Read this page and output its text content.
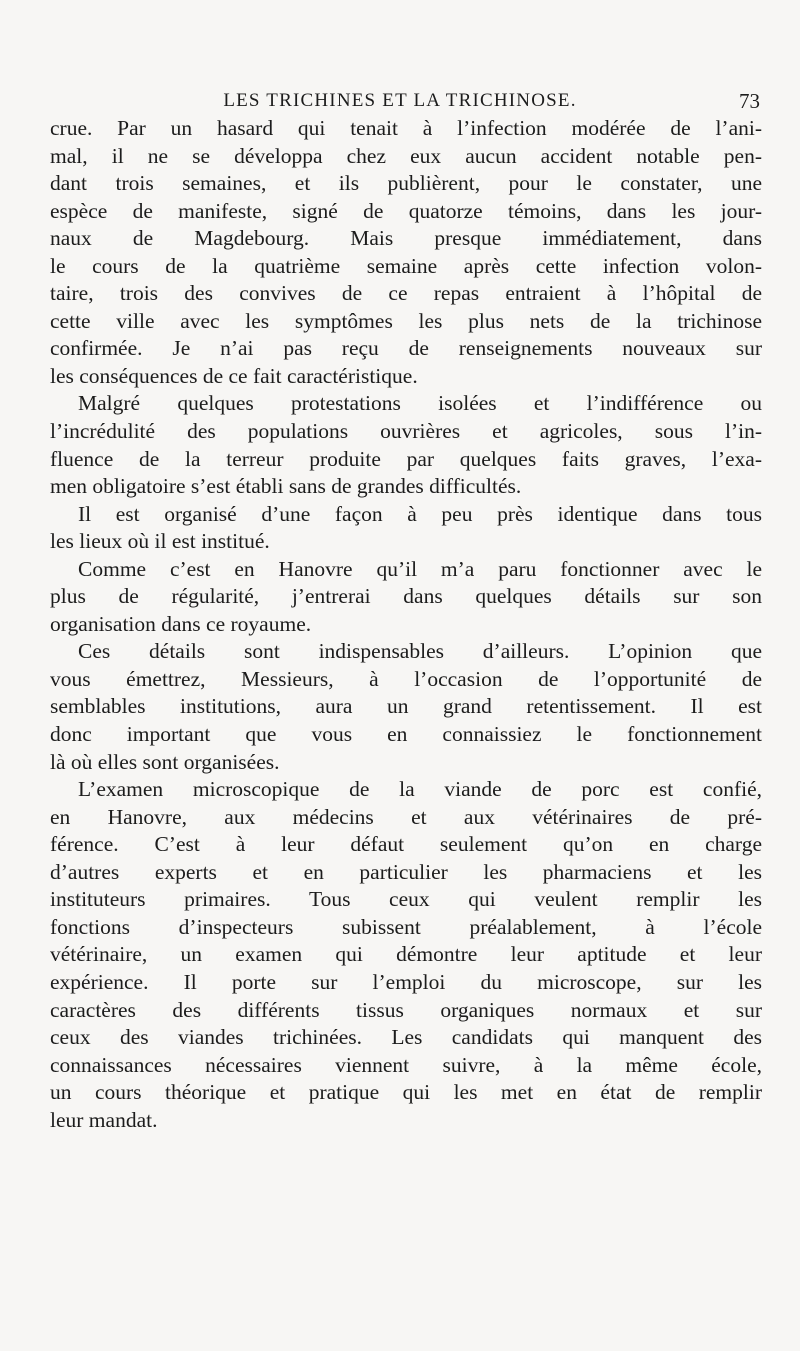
LES TRICHINES ET LA TRICHINOSE.	73
crue. Par un hasard qui tenait à l’infection modérée de l’ani-
mal, il ne se développa chez eux aucun accident notable pen-
dant trois semaines, et ils publièrent, pour le constater, une
espèce de manifeste, signé de quatorze témoins, dans les jour-
naux de Magdebourg. Mais presque immédiatement, dans
le cours de la quatrième semaine après cette infection volon-
taire, trois des convives de ce repas entraient à l’hôpital de
cette ville avec les symptômes les plus nets de la trichinose
confirmée. Je n’ai pas reçu de renseignements nouveaux sur
les conséquences de ce fait caractéristique.
Malgré quelques protestations isolées et l’indifférence ou
l’incrédulité des populations ouvrières et agricoles, sous l’in-
fluence de la terreur produite par quelques faits graves, l’exa-
men obligatoire s’est établi sans de grandes difficultés.
Il est organisé d’une façon à peu près identique dans tous
les lieux où il est institué.
Comme c’est en Hanovre qu’il m’a paru fonctionner avec le
plus de régularité, j’entrerai dans quelques détails sur son
organisation dans ce royaume.
Ces détails sont indispensables d’ailleurs. L’opinion que
vous émettrez, Messieurs, à l’occasion de l’opportunité de
semblables institutions, aura un grand retentissement. Il est
donc important que vous en connaissiez le fonctionnement
là où elles sont organisées.
L’examen microscopique de la viande de porc est confié,
en Hanovre, aux médecins et aux vétérinaires de pré-
férence. C’est à leur défaut seulement qu’on en charge
d’autres experts et en particulier les pharmaciens et les
instituteurs primaires. Tous ceux qui veulent remplir les
fonctions d’inspecteurs subissent préalablement, à l’école
vétérinaire, un examen qui démontre leur aptitude et leur
expérience. Il porte sur l’emploi du microscope, sur les
caractères des différents tissus organiques normaux et sur
ceux des viandes trichinées. Les candidats qui manquent des
connaissances nécessaires viennent suivre, à la même école,
un cours théorique et pratique qui les met en état de remplir
leur mandat.
